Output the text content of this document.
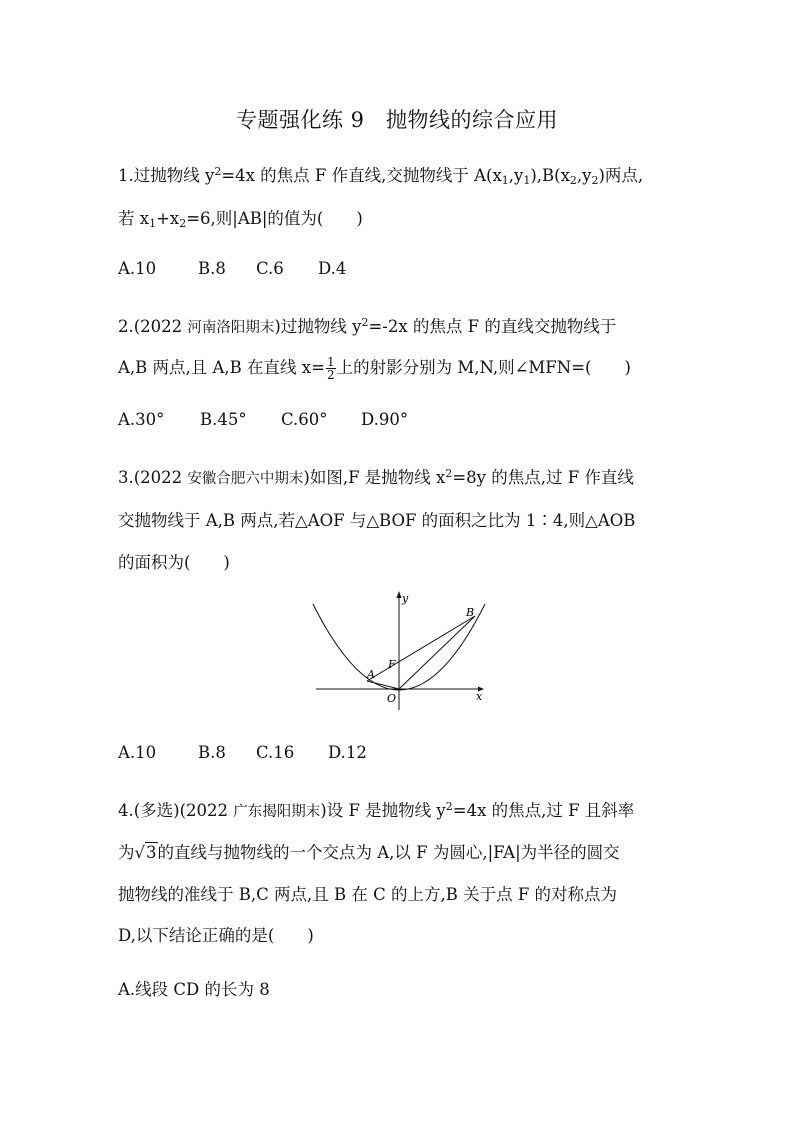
专题强化练 9　抛物线的综合应用
1.过抛物线 $y^2=4x$ 的焦点 F 作直线,交抛物线于 $A(x_1,y_1),B(x_2,y_2)$两点,
若 $x_1+x_2=6$,则|AB|的值为(　　)
A.10	B.8 C.6 D.4
2.(2022 河南洛阳期末)过抛物线 $y^2=-2x$ 的焦点 F 的直线交抛物线于
A,B 两点,且 A,B 在直线 $x= \frac{1}{2}$ 上的射影分别为 M,N,则∠MFN=(　　)
A.30° B.45° C.60° D.90°
3.(2022 安徽合肥六中期末)如图,F 是抛物线 $x^2=8y$ 的焦点,过 F 作直线
交抛物线于 A,B 两点,若△AOF 与△BOF 的面积之比为 1∶4,则△AOB
的面积为(　　)
y
x
B
F
A
O
A.10	B.8 C.16 D.12
4.(多选)(2022 广东揭阳期末)设 F 是抛物线 $y^2=4x$ 的焦点,过 F 且斜率
为√3的直线与抛物线的一个交点为 A,以 F 为圆心,|FA|为半径的圆交
抛物线的准线于 B,C 两点,且 B 在 C 的上方,B 关于点 F 的对称点为
D,以下结论正确的是(　　)
A.线段 CD 的长为 8
